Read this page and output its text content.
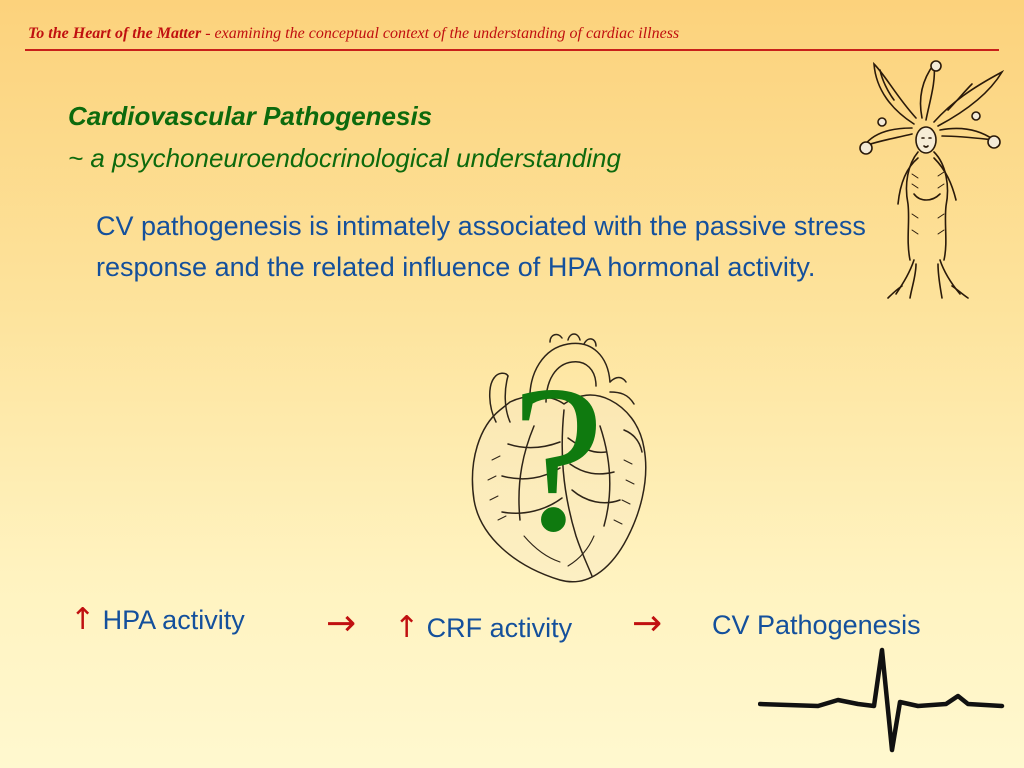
To the Heart of the Matter - examining the conceptual context of the understanding of cardiac illness
Cardiovascular Pathogenesis
~ a psychoneuroendocrinological understanding
CV pathogenesis is intimately associated with the passive stress response and the related influence of HPA hormonal activity.
?
↑ HPA activity → ↑ CRF activity → CV Pathogenesis
